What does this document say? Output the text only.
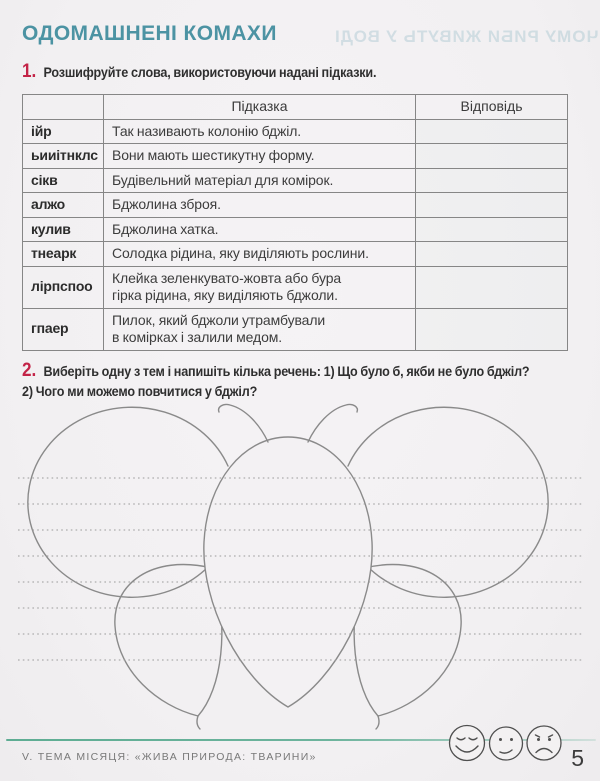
ЧОМУ РИБИ ЖИВУТЬ У ВОДІ
ОДОМАШНЕНІ КОМАХИ

1. Розшифруйте слова, використовуючи надані підказки.

	Підказка	Відповідь
ійр	Так називають колонію бджіл.	
ьииітнклс	Вони мають шестикутну форму.	
сікв	Будівельний матеріал для комірок.	
алжо	Бджолина зброя.	
кулив	Бджолина хатка.	
тнеарк	Солодка рідина, яку виділяють рослини.	
лірпспоо	Клейка зеленкувато-жовта або бура
гірка рідина, яку виділяють бджоли.	
гпаер	Пилок, який бджоли утрамбували
в комірках і залили медом.	

2. Виберіть одну з тем і напишіть кілька речень: 1) Що було б, якби не було бджіл?
2) Чого ми можемо повчитися у бджіл?

V. ТЕМА МІСЯЦЯ: «ЖИВА ПРИРОДА: ТВАРИНИ»	5
